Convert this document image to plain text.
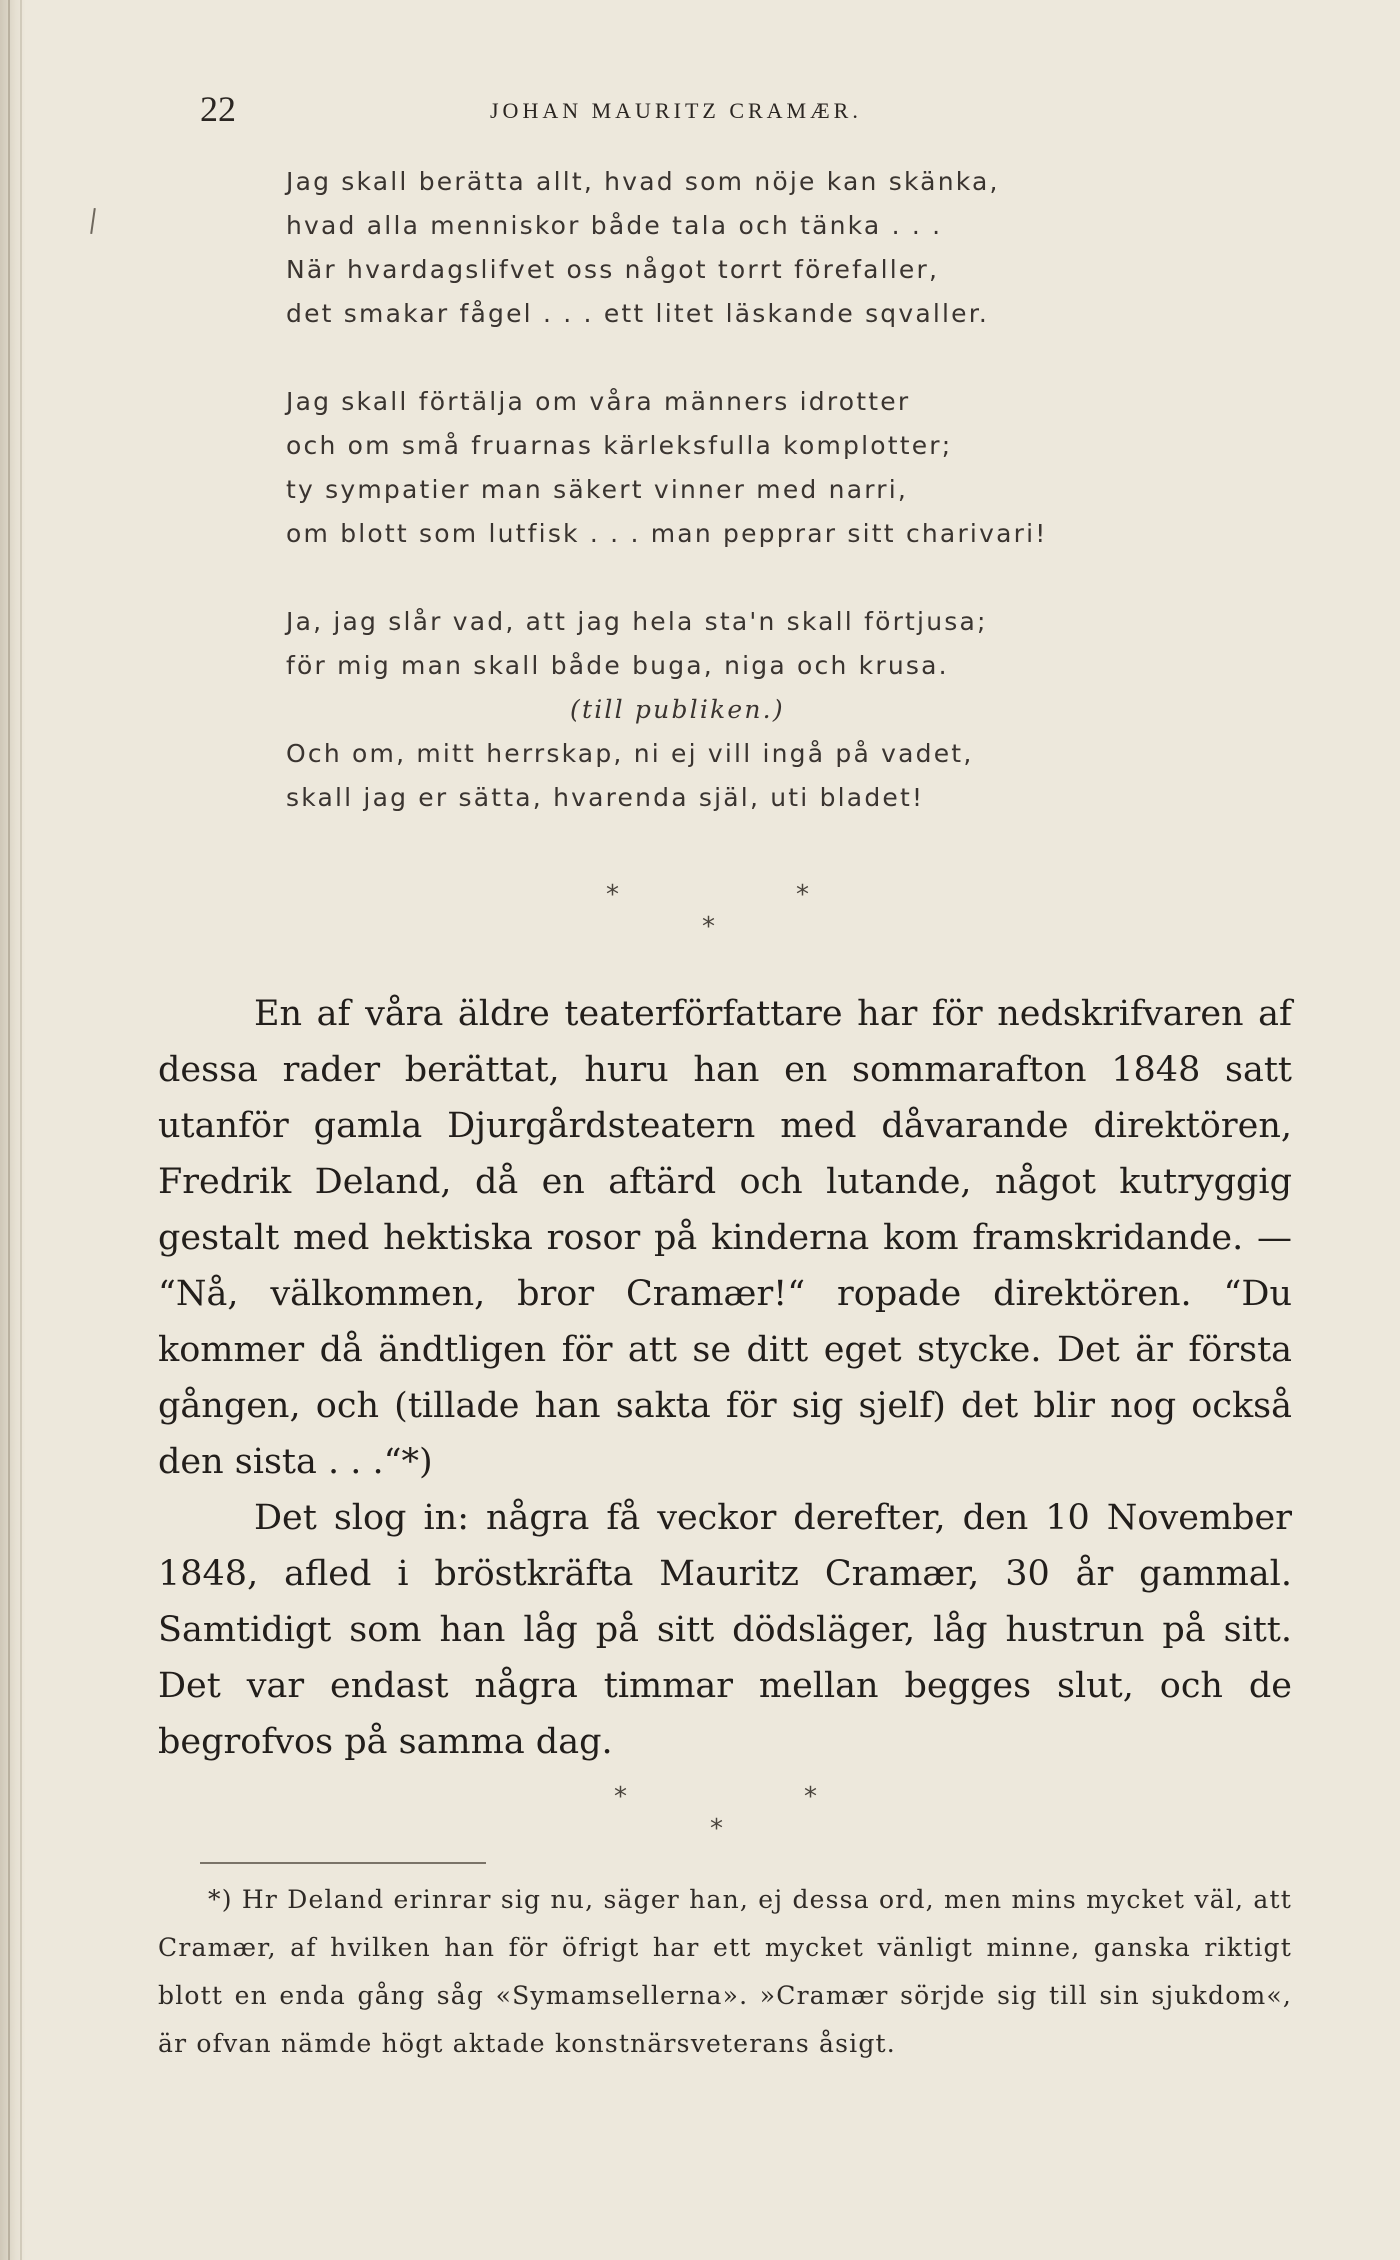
22	JOHAN MAURITZ CRAMÆR.
Jag skall berätta allt, hvad som nöje kan skänka,
hvad alla menniskor både tala och tänka . . .
När hvardagslifvet oss något torrt förefaller,
det smakar fågel . . . ett litet läskande sqvaller.
Jag skall förtälja om våra männers idrotter
och om små fruarnas kärleksfulla komplotter;
ty sympatier man säkert vinner med narri,
om blott som lutfisk . . . man pepprar sitt charivari!
Ja, jag slår vad, att jag hela sta'n skall förtjusa;
för mig man skall både buga, niga och krusa.
(till publiken.)
Och om, mitt herrskap, ni ej vill ingå på vadet,
skall jag er sätta, hvarenda själ, uti bladet!
*	*
*

En af våra äldre teaterförfattare har för nedskrifvaren af dessa rader berättat, huru han en sommarafton 1848 satt utanför gamla Djurgårdsteatern med dåvarande direktören, Fredrik Deland, då en aftärd och lutande, något kutryggig gestalt med hektiska rosor på kinderna kom framskridande. — “Nå, välkommen, bror Cramær!“ ropade direktören. “Du kommer då ändtligen för att se ditt eget stycke. Det är första gången, och (tillade han sakta för sig sjelf) det blir nog också den sista . . .“*)

Det slog in: några få veckor derefter, den 10 November 1848, afled i bröstkräfta Mauritz Cramær, 30 år gammal. Samtidigt som han låg på sitt dödsläger, låg hustrun på sitt. Det var endast några timmar mellan begges slut, och de begrofvos på samma dag.

*	*
*

*) Hr Deland erinrar sig nu, säger han, ej dessa ord, men mins mycket väl, att Cramær, af hvilken han för öfrigt har ett mycket vänligt minne, ganska riktigt blott en enda gång såg «Symamsellerna». »Cramær sörjde sig till sin sjukdom«, är ofvan nämde högt aktade konstnärsveterans åsigt.
